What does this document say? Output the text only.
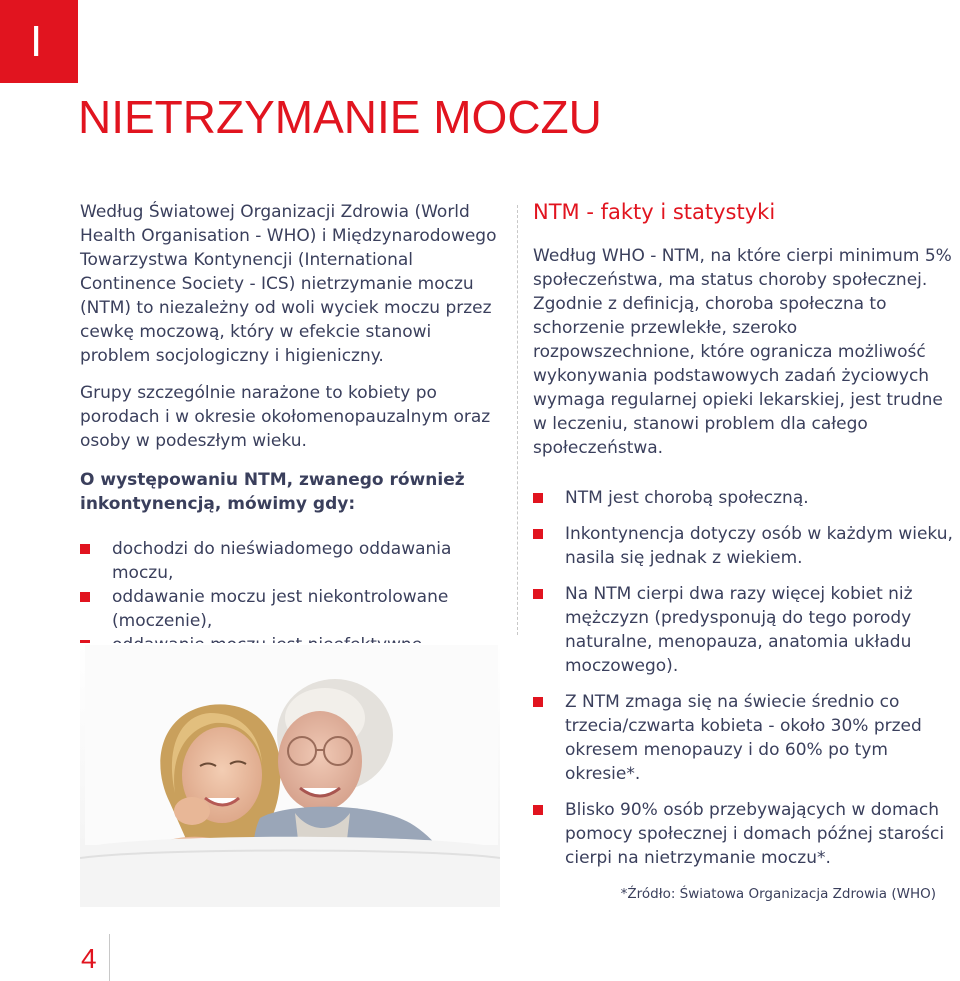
I
NIETRZYMANIE MOCZU

Według Światowej Organizacji Zdrowia (World Health Organisation - WHO) i Międzynarodowego Towarzystwa Kontynencji (International Continence Society - ICS) nietrzymanie moczu (NTM) to niezależny od woli wyciek moczu przez cewkę moczową, który w efekcie stanowi problem socjologiczny i higieniczny.

Grupy szczególnie narażone to kobiety po porodach i w okresie okołomenopauzalnym oraz osoby w podeszłym wieku.

O występowaniu NTM, zwanego również inkontynencją, mówimy gdy:

dochodzi do nieświadomego oddawania moczu,
oddawanie moczu jest niekontrolowane (moczenie),
NTM - fakty i statystyki

Według WHO - NTM, na które cierpi minimum 5% społeczeństwa, ma status choroby społecznej.

Zgodnie z definicją, choroba społeczna to schorzenie przewlekłe, szeroko rozpowszechnione, które ogranicza możliwość wykonywania podstawowych zadań życiowych wymaga regularnej opieki lekarskiej, jest trudne w leczeniu, stanowi problem dla całego społeczeństwa.

NTM jest chorobą społeczną.
Inkontynencja dotyczy osób w każdym wieku, nasila się jednak z wiekiem.
Na NTM cierpi dwa razy więcej kobiet niż mężczyzn (predysponują do tego porody naturalne, menopauza, anatomia układu moczowego).
Z NTM zmaga się na świecie średnio co trzecia/czwarta kobieta - około 30% przed okresem menopauzy i do 60% po tym okresie*.
Blisko 90% osób przebywających w domach pomocy społecznej i domach późnej starości cierpi na nietrzymanie moczu*.
*Źródło: Światowa Organizacja Zdrowia (WHO)
4
